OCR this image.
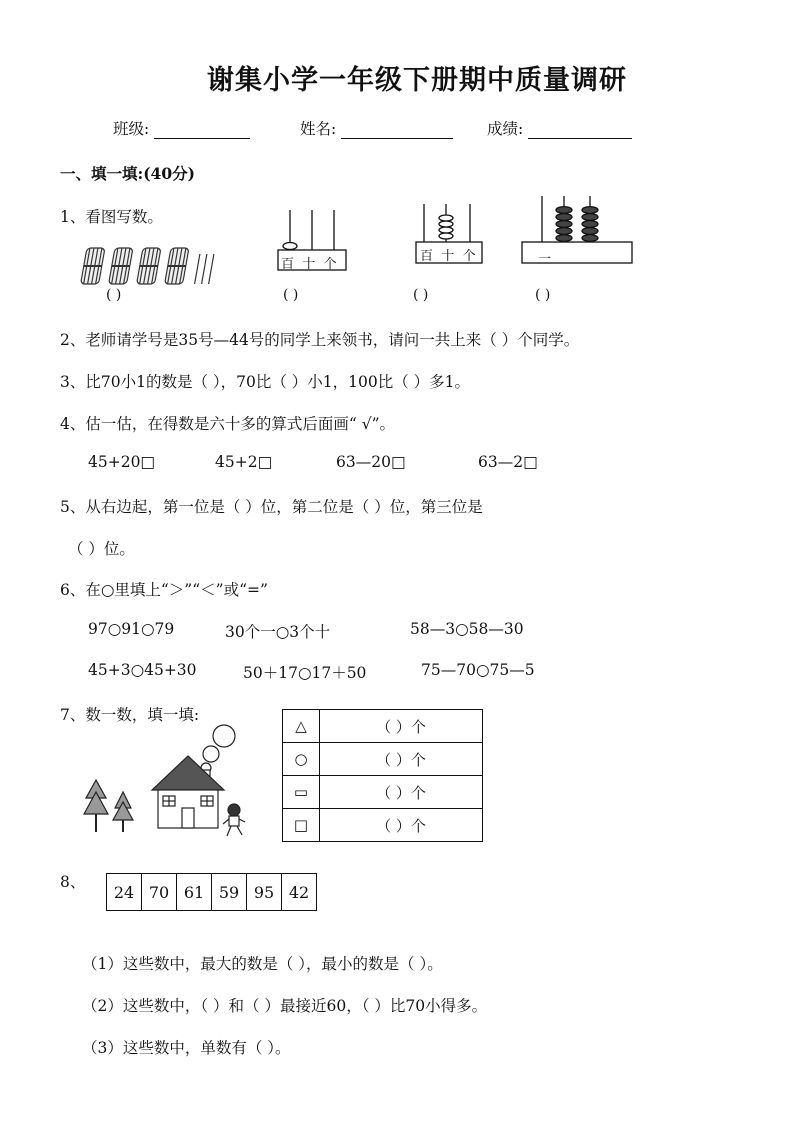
谢集小学一年级下册期中质量调研
班级:	姓名:	成绩:
一、填一填:(40分)
1、看图写数。
百 十 个
百 十 个	一
( )	( )	( )	( )
2、老师请学号是35号—44号的同学上来领书，请问一共上来（ ）个同学。
3、比70小1的数是（ ），70比（ ）小1，100比（ ）多1。
4、估一估，在得数是六十多的算式后面画“ √”。
45+20□	45+2□	63—20□	63—2□
5、从右边起，第一位是（ ）位，第二位是（ ）位，第三位是
（ ）位。
6、在○里填上“＞”“＜”或“=”
97○91○79	30个一○3个十	58—3○58—30
45+3○45+30	50＋17○17＋50	75—70○75—5
7、数一数，填一填:
△	（ ）个
○	（ ）个
▭	（ ）个
□	（ ）个
8、
24	70	61	59	95	42
（1）这些数中，最大的数是（ ），最小的数是（ ）。
（2）这些数中，（ ）和（ ）最接近60，（ ）比70小得多。
（3）这些数中，单数有（ ）。
